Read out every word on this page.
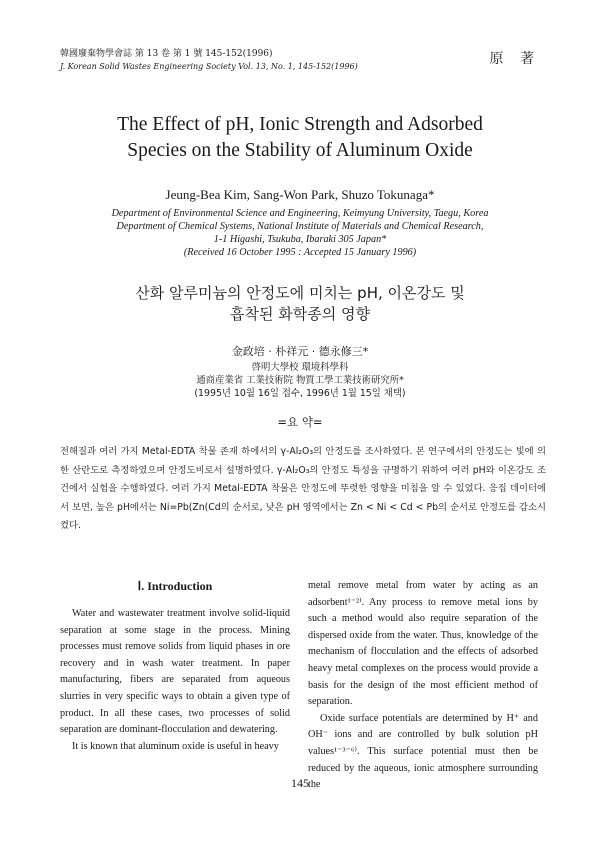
韓國廢棄物學會誌 第 13 卷 第 1 號 145-152(1996)
J. Korean Solid Wastes Engineering Society Vol. 13, No. 1, 145-152(1996)	原 著
The Effect of pH, Ionic Strength and Adsorbed
Species on the Stability of Aluminum Oxide
Jeung-Bea Kim, Sang-Won Park, Shuzo Tokunaga*
Department of Environmental Science and Engineering, Keimyung University, Taegu, Korea
Department of Chemical Systems, National Institute of Materials and Chemical Research,
1-1 Higashi, Tsukuba, Ibaraki 305 Japan*
(Received 16 October 1995 : Accepted 15 January 1996)
산화 알루미늄의 안정도에 미치는 pH, 이온강도 및
흡착된 화학종의 영향
金政培 · 朴祥元 · 德永修三*
啓明大學校 環境科學科
通商産業省 工業技術院 物質工學工業技術研究所*
(1995년 10월 16일 접수, 1996년 1월 15일 채택)
=요 약=
전해질과 여러 가지 Metal-EDTA 착물 존재 하에서의 γ-Al₂O₃의 안정도를 조사하였다. 본 연구에서의 안정도는 빛에 의한 산란도로 측정하였으며 안정도비로서 설명하였다. γ-Al₂O₃의 안정도 특성을 규명하기 위하여 여러 pH와 이온강도 조건에서 실험을 수행하였다. 여러 가지 Metal-EDTA 착물은 안정도에 뚜렷한 영향을 미침을 알 수 있었다. 응집 데이터에서 보면, 높은 pH에서는 Ni=Pb(Zn(Cd의 순서로, 낮은 pH 영역에서는 Zn < Ni < Cd < Pb의 순서로 안정도를 감소시켰다.
Ⅰ. Introduction

Water and wastewater treatment involve solid-liquid separation at some stage in the process. Mining processes must remove solids from liquid phases in ore recovery and in wash water treatment. In paper manufacturing, fibers are separated from aqueous slurries in very specific ways to obtain a given type of product. In all these cases, two processes of solid separation are dominant-flocculation and dewatering.

It is known that aluminum oxide is useful in heavy

metal remove metal from water by acting as an adsorbent¹⁻²⁾. Any process to remove metal ions by such a method would also require separation of the dispersed oxide from the water. Thus, knowledge of the mechanism of flocculation and the effects of adsorbed heavy metal complexes on the process would provide a basis for the design of the most efficient method of separation.

Oxide surface potentials are determined by H⁺ and OH⁻ ions and are controlled by bulk solution pH values¹⁻³⁻⁶⁾. This surface potential must then be reduced by the aqueous, ionic atmosphere surrounding the

145
